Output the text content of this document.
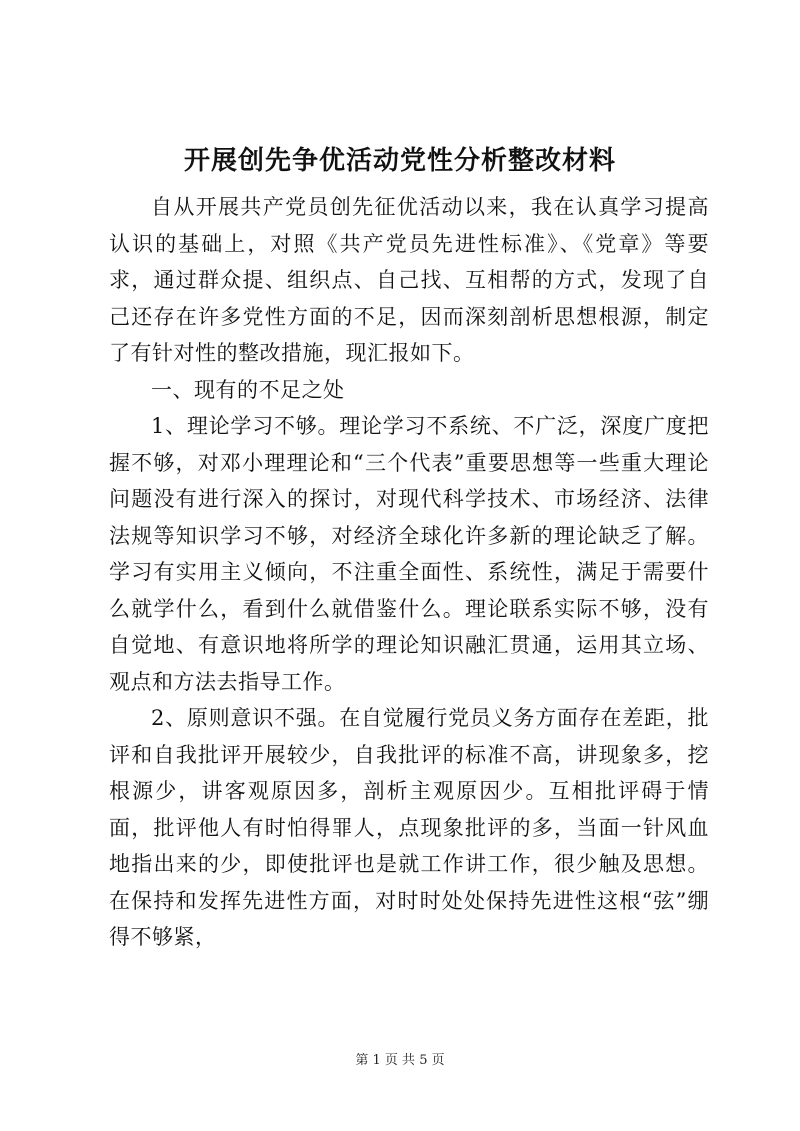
开展创先争优活动党性分析整改材料

自从开展共产党员创先征优活动以来，我在认真学习提高认识的基础上，对照《共产党员先进性标准》、《党章》等要求，通过群众提、组织点、自己找、互相帮的方式，发现了自己还存在许多党性方面的不足，因而深刻剖析思想根源，制定了有针对性的整改措施，现汇报如下。

一、现有的不足之处

1、理论学习不够。理论学习不系统、不广泛，深度广度把握不够，对邓小理理论和“三个代表”重要思想等一些重大理论问题没有进行深入的探讨，对现代科学技术、市场经济、法律法规等知识学习不够，对经济全球化许多新的理论缺乏了解。学习有实用主义倾向，不注重全面性、系统性，满足于需要什么就学什么，看到什么就借鉴什么。理论联系实际不够，没有自觉地、有意识地将所学的理论知识融汇贯通，运用其立场、观点和方法去指导工作。

2、原则意识不强。在自觉履行党员义务方面存在差距，批评和自我批评开展较少，自我批评的标准不高，讲现象多，挖根源少，讲客观原因多，剖析主观原因少。互相批评碍于情面，批评他人有时怕得罪人，点现象批评的多，当面一针风血地指出来的少，即使批评也是就工作讲工作，很少触及思想。在保持和发挥先进性方面，对时时处处保持先进性这根“弦”绷得不够紧，

第 1 页 共 5 页
